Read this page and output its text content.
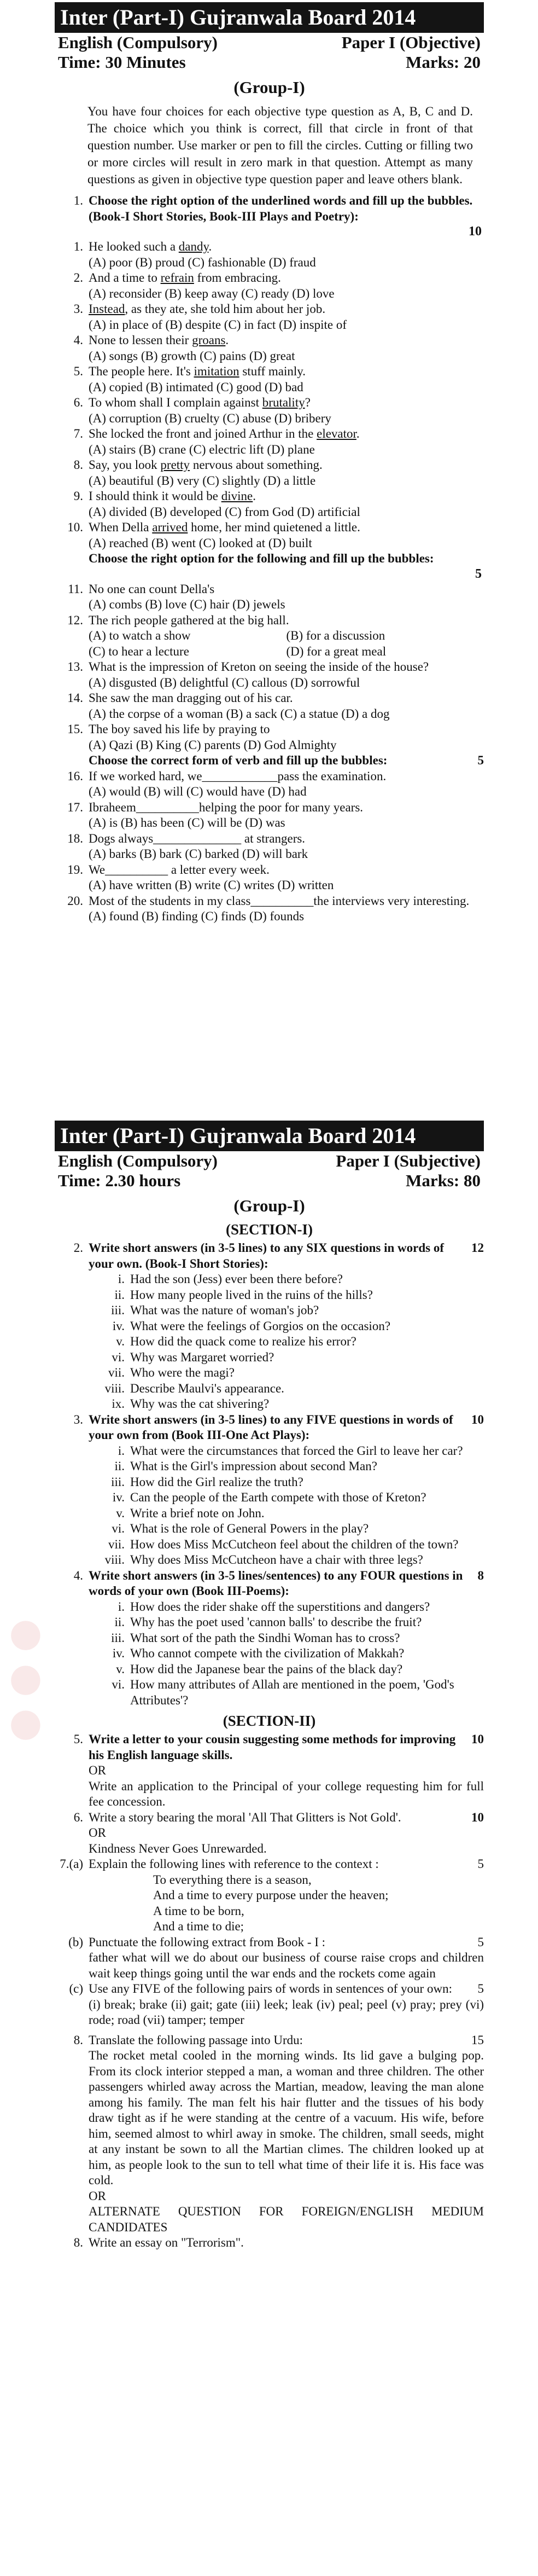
●●●
Inter (Part-I) Gujranwala Board 2014
English (Compulsory)	Paper I (Objective)
Time: 30 Minutes	Marks: 20
(Group-I)
You have four choices for each objective type question as A, B, C and D. The choice which you think is correct, fill that circle in front of that question number. Use marker or pen to fill the circles. Cutting or filling two or more circles will result in zero mark in that question. Attempt as many questions as given in objective type question paper and leave others blank.
1. Choose the right option of the underlined words and fill up the bubbles. (Book-I Short Stories, Book-III Plays and Poetry):
10
1. He looked such a dandy.
(A) poor (B) proud (C) fashionable (D) fraud
2. And a time to refrain from embracing.
(A) reconsider (B) keep away (C) ready (D) love
3. Instead, as they ate, she told him about her job.
(A) in place of (B) despite (C) in fact (D) inspite of
4. None to lessen their groans.
(A) songs (B) growth (C) pains (D) great
5. The people here. It's imitation stuff mainly.
(A) copied (B) intimated (C) good (D) bad
6. To whom shall I complain against brutality?
(A) corruption (B) cruelty (C) abuse (D) bribery
7. She locked the front and joined Arthur in the elevator.
(A) stairs (B) crane (C) electric lift (D) plane
8. Say, you look pretty nervous about something.
(A) beautiful (B) very (C) slightly (D) a little
9. I should think it would be divine.
(A) divided (B) developed (C) from God (D) artificial
10. When Della arrived home, her mind quietened a little.
(A) reached (B) went (C) looked at (D) built
Choose the right option for the following and fill up the bubbles:
5
11. No one can count Della's
(A) combs (B) love (C) hair (D) jewels
12. The rich people gathered at the big hall.
(A) to watch a show	(B) for a discussion
(C) to hear a lecture	(D) for a great meal
13. What is the impression of Kreton on seeing the inside of the house?
(A) disgusted (B) delightful (C) callous (D) sorrowful
14. She saw the man dragging out of his car.
(A) the corpse of a woman (B) a sack (C) a statue (D) a dog
15. The boy saved his life by praying to
(A) Qazi (B) King (C) parents (D) God Almighty
Choose the correct form of verb and fill up the bubbles:	5
16. If we worked hard, we____________pass the examination.
(A) would (B) will (C) would have (D) had
17. Ibraheem__________helping the poor for many years.
(A) is (B) has been (C) will be (D) was
18. Dogs always______________ at strangers.
(A) barks (B) bark (C) barked (D) will bark
19. We__________ a letter every week.
(A) have written (B) write (C) writes (D) written
20. Most of the students in my class__________the interviews very interesting.
(A) found (B) finding (C) finds (D) founds
Inter (Part-I) Gujranwala Board 2014
English (Compulsory)	Paper I (Subjective)
Time: 2.30 hours	Marks: 80
(Group-I)
(SECTION-I)
2. Write short answers (in 3-5 lines) to any SIX questions in words of your own. (Book-I Short Stories):
12
i. Had the son (Jess) ever been there before?
ii. How many people lived in the ruins of the hills?
iii. What was the nature of woman's job?
iv. What were the feelings of Gorgios on the occasion?
v. How did the quack come to realize his error?
vi. Why was Margaret worried?
vii. Who were the magi?
viii. Describe Maulvi's appearance.
ix. Why was the cat shivering?
3. Write short answers (in 3-5 lines) to any FIVE questions in words of your own from (Book III-One Act Plays):
10
i. What were the circumstances that forced the Girl to leave her car?
ii. What is the Girl's impression about second Man?
iii. How did the Girl realize the truth?
iv. Can the people of the Earth compete with those of Kreton?
v. Write a brief note on John.
vi. What is the role of General Powers in the play?
vii. How does Miss McCutcheon feel about the children of the town?
viii. Why does Miss McCutcheon have a chair with three legs?
4. Write short answers (in 3-5 lines/sentences) to any FOUR questions in words of your own (Book III-Poems):
8
i. How does the rider shake off the superstitions and dangers?
ii. Why has the poet used 'cannon balls' to describe the fruit?
iii. What sort of the path the Sindhi Woman has to cross?
iv. Who cannot compete with the civilization of Makkah?
v. How did the Japanese bear the pains of the black day?
vi. How many attributes of Allah are mentioned in the poem, 'God's Attributes'?
(SECTION-II)
5. Write a letter to your cousin suggesting some methods for improving his English language skills.
10
OR
Write an application to the Principal of your college requesting him for full fee concession.
6. Write a story bearing the moral 'All That Glitters is Not Gold'.	10
OR
Kindness Never Goes Unrewarded.
7.(a) Explain the following lines with reference to the context :	5
To everything there is a season,
And a time to every purpose under the heaven;
A time to be born,
And a time to die;
(b) Punctuate the following extract from Book - I :	5
father what will we do about our business of course raise crops and children wait keep things going until the war ends and the rockets come again
(c) Use any FIVE of the following pairs of words in sentences of your own:	5
(i) break; brake (ii) gait; gate (iii) leek; leak (iv) peal; peel (v) pray; prey (vi) rode; road (vii) tamper; temper
8. Translate the following passage into Urdu:	15
The rocket metal cooled in the morning winds. Its lid gave a bulging pop. From its clock interior stepped a man, a woman and three children. The other passengers whirled away across the Martian, meadow, leaving the man alone among his family. The man felt his hair flutter and the tissues of his body draw tight as if he were standing at the centre of a vacuum. His wife, before him, seemed almost to whirl away in smoke. The children, small seeds, might at any instant be sown to all the Martian climes. The children looked up at him, as people look to the sun to tell what time of their life it is. His face was cold.
OR
ALTERNATE QUESTION FOR FOREIGN/ENGLISH MEDIUM CANDIDATES
8. Write an essay on "Terrorism".
